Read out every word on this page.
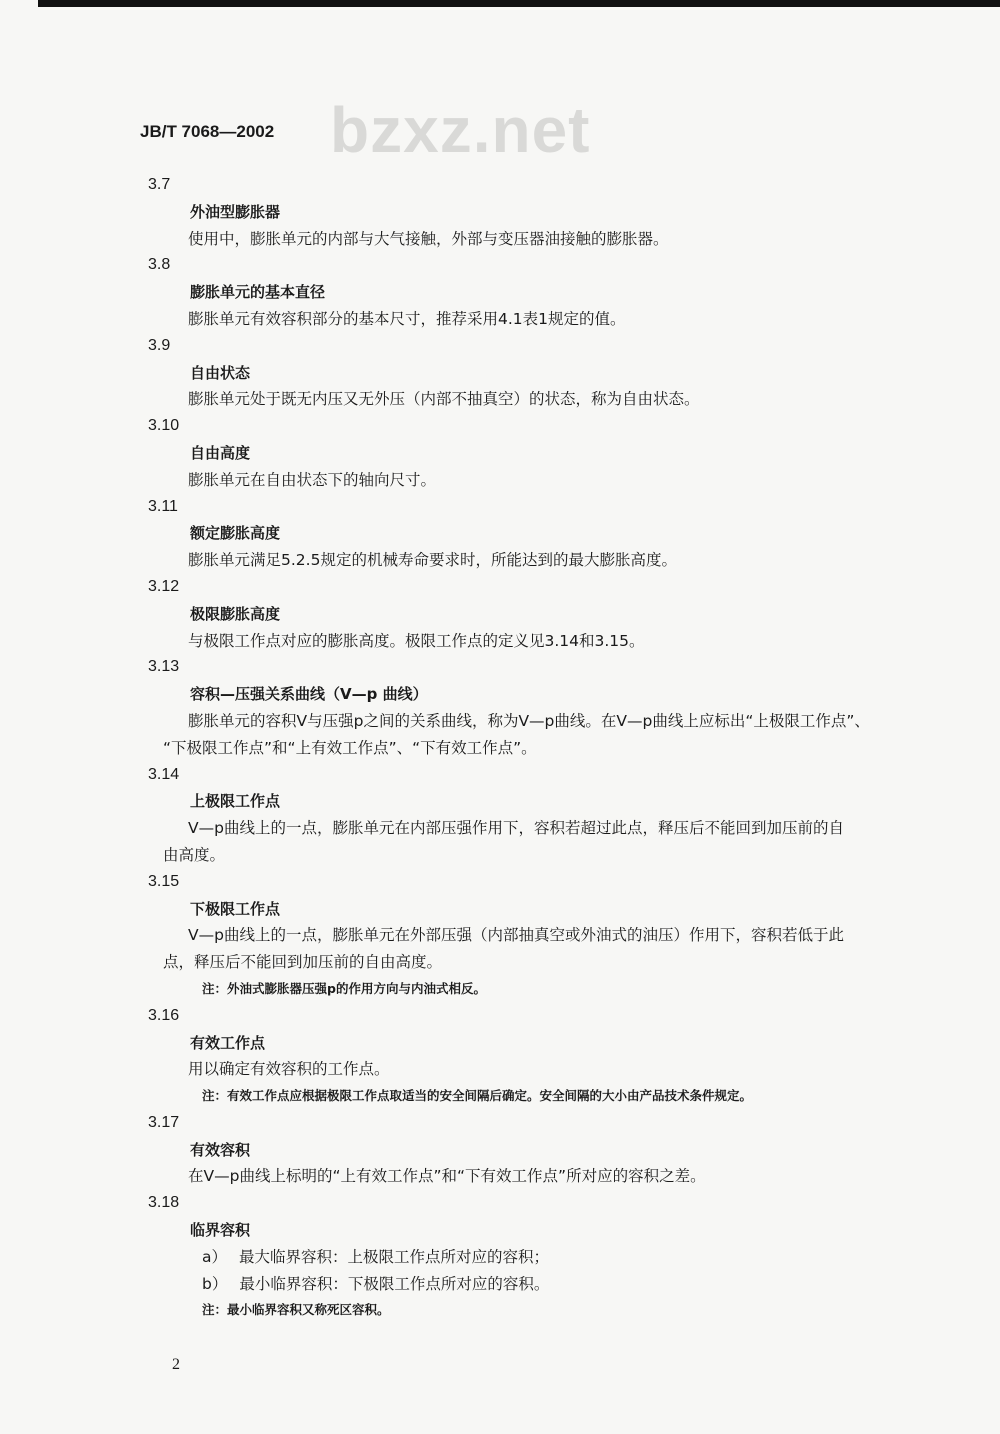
bzxz.net
JB/T 7068—2002
3.7
外油型膨胀器
使用中，膨胀单元的内部与大气接触，外部与变压器油接触的膨胀器。
3.8
膨胀单元的基本直径
膨胀单元有效容积部分的基本尺寸，推荐采用4.1表1规定的值。
3.9
自由状态
膨胀单元处于既无内压又无外压（内部不抽真空）的状态，称为自由状态。
3.10
自由高度
膨胀单元在自由状态下的轴向尺寸。
3.11
额定膨胀高度
膨胀单元满足5.2.5规定的机械寿命要求时，所能达到的最大膨胀高度。
3.12
极限膨胀高度
与极限工作点对应的膨胀高度。极限工作点的定义见3.14和3.15。
3.13
容积—压强关系曲线（V—p 曲线）
膨胀单元的容积V与压强p之间的关系曲线，称为V—p曲线。在V—p曲线上应标出“上极限工作点”、
“下极限工作点”和“上有效工作点”、“下有效工作点”。
3.14
上极限工作点
V—p曲线上的一点，膨胀单元在内部压强作用下，容积若超过此点，释压后不能回到加压前的自
由高度。
3.15
下极限工作点
V—p曲线上的一点，膨胀单元在外部压强（内部抽真空或外油式的油压）作用下，容积若低于此
点，释压后不能回到加压前的自由高度。
注：外油式膨胀器压强p的作用方向与内油式相反。
3.16
有效工作点
用以确定有效容积的工作点。
注：有效工作点应根据极限工作点取适当的安全间隔后确定。安全间隔的大小由产品技术条件规定。
3.17
有效容积
在V—p曲线上标明的“上有效工作点”和“下有效工作点”所对应的容积之差。
3.18
临界容积
a） 最大临界容积：上极限工作点所对应的容积；
b） 最小临界容积：下极限工作点所对应的容积。
注：最小临界容积又称死区容积。
2
